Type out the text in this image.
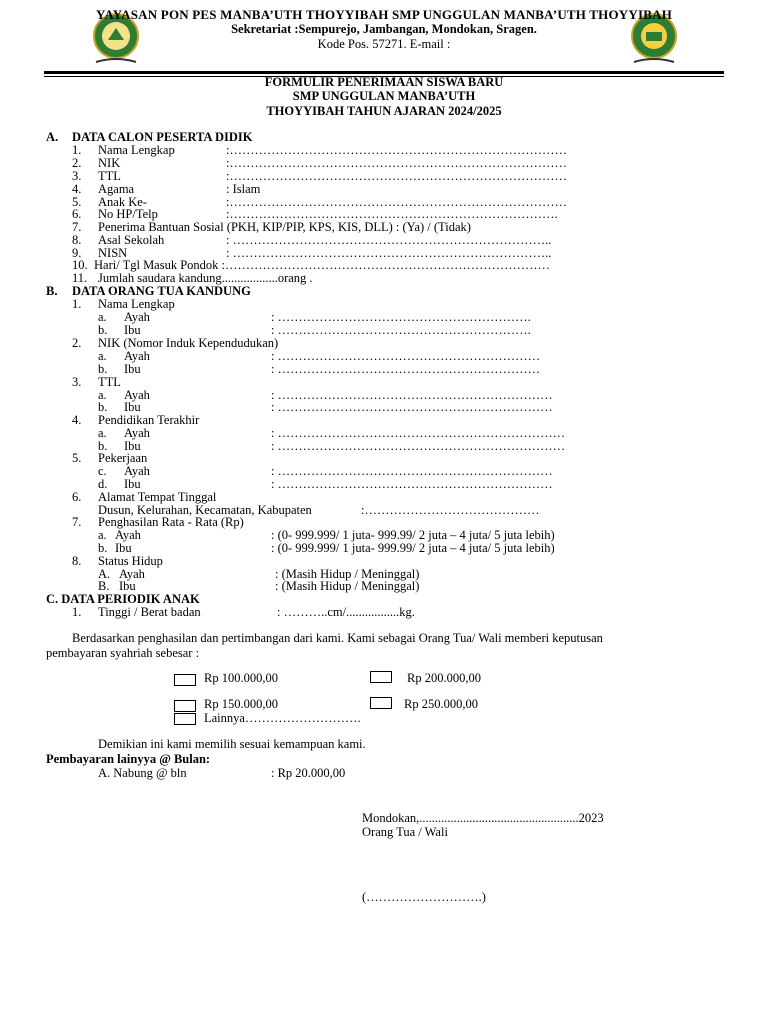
YAYASAN PON PES MANBA’UTH THOYYIBAH SMP UNGGULAN MANBA’UTH THOYYIBAH
Sekretariat :Sempurejo, Jambangan, Mondokan, Sragen.
Kode Pos. 57271. E-mail :
FORMULIR PENERIMAAN SISWA BARU
SMP UNGGULAN MANBA’UTH
THOYYIBAH TAHUN AJARAN 2024/2025
A. DATA CALON PESERTA DIDIK
1. Nama Lengkap	:………………………………………………………………………
2. NIK	:………………………………………………………………………
3. TTL	:………………………………………………………………………
4. Agama	: Islam
5. Anak Ke-	:………………………………………………………………………
6. No HP/Telp	:…………………………………………………………………….
7. Penerima Bantuan Sosial (PKH, KIP/PIP, KPS, KIS, DLL) : (Ya) / (Tidak)
8. Asal Sekolah	: …………………………………………………………………..
9. NISN	: …………………………………………………………………..
10. Hari/ Tgl Masuk Pondok :……………………………………………………………………
11. Jumlah saudara kandung..................orang .
B. DATA ORANG TUA KANDUNG
1. Nama Lengkap
a. Ayah	: …………………………………………………….
b. Ibu	: …………………………………………………….
2. NIK (Nomor Induk Kependudukan)
a. Ayah	: ………………………………………………………
b. Ibu	: ………………………………………………………
3. TTL
a. Ayah	: …………………………………………………………
b. Ibu	: …………………………………………………………
4. Pendidikan Terakhir
a. Ayah	: ……………………………………………………………
b. Ibu	: ……………………………………………………………
5. Pekerjaan
c. Ayah	: …………………………………………………………
d. Ibu	: …………………………………………………………
6. Alamat Tempat Tinggal
Dusun, Kelurahan, Kecamatan, Kabupaten	:……………………………………
7. Penghasilan Rata - Rata (Rp)
a. Ayah	: (0- 999.999/ 1 juta- 999.99/ 2 juta – 4 juta/ 5 juta lebih)
b. Ibu	: (0- 999.999/ 1 juta- 999.99/ 2 juta – 4 juta/ 5 juta lebih)
8. Status Hidup
A. Ayah	: (Masih Hidup / Meninggal)
B. Ibu	: (Masih Hidup / Meninggal)
C. DATA PERIODIK ANAK
1. Tinggi / Berat badan	: ………..cm/.................kg.
Berdasarkan penghasilan dan pertimbangan dari kami. Kami sebagai Orang Tua/ Wali memberi keputusan
pembayaran syahriah sebesar :
Rp 100.000,00	Rp 200.000,00
Rp 150.000,00	Rp 250.000,00
Lainnya……………………….
Demikian ini kami memilih sesuai kemampuan kami.
Pembayaran lainyya @ Bulan:
A. Nabung @ bln	: Rp 20.000,00
Mondokan,...................................................2023
Orang Tua / Wali
(……………………….)
